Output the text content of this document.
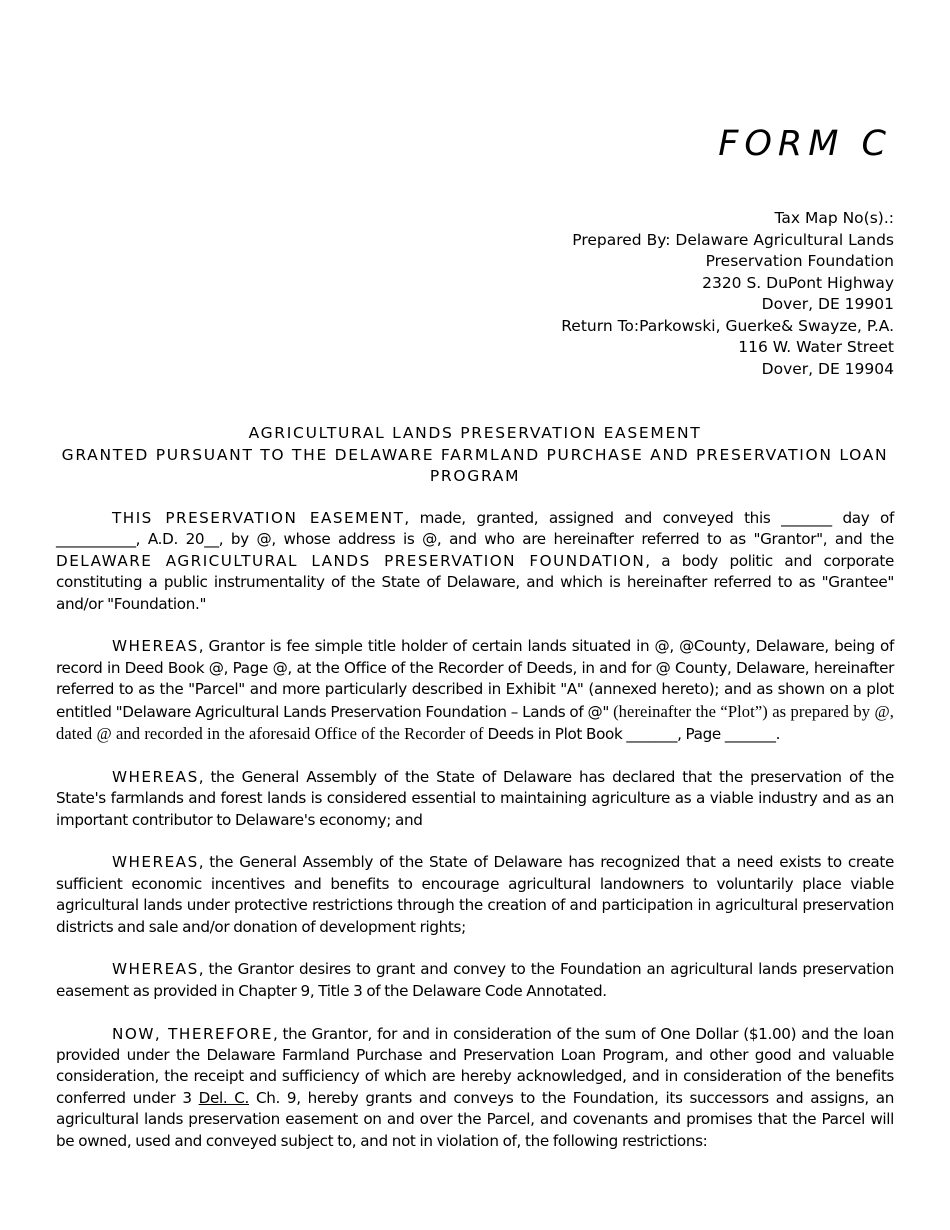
FORM C
Tax Map No(s).:
Prepared By: Delaware Agricultural Lands
Preservation Foundation
2320 S. DuPont Highway
Dover, DE 19901
Return To:Parkowski, Guerke& Swayze, P.A.
116 W. Water Street
Dover, DE 19904
AGRICULTURAL LANDS PRESERVATION EASEMENT
GRANTED PURSUANT TO THE DELAWARE FARMLAND PURCHASE AND PRESERVATION LOAN PROGRAM

THIS PRESERVATION EASEMENT, made, granted, assigned and conveyed this _______ day of ___________, A.D. 20__, by @, whose address is @, and who are hereinafter referred to as "Grantor", and the DELAWARE AGRICULTURAL LANDS PRESERVATION FOUNDATION, a body politic and corporate constituting a public instrumentality of the State of Delaware, and which is hereinafter referred to as "Grantee" and/or "Foundation."

WHEREAS, Grantor is fee simple title holder of certain lands situated in @, @County, Delaware, being of record in Deed Book @, Page @, at the Office of the Recorder of Deeds, in and for @ County, Delaware, hereinafter referred to as the "Parcel" and more particularly described in Exhibit "A" (annexed hereto); and as shown on a plot entitled "Delaware Agricultural Lands Preservation Foundation – Lands of @" (hereinafter the “Plot”) as prepared by @, dated @ and recorded in the aforesaid Office of the Recorder of Deeds in Plot Book _______, Page _______.

WHEREAS, the General Assembly of the State of Delaware has declared that the preservation of the State's farmlands and forest lands is considered essential to maintaining agriculture as a viable industry and as an important contributor to Delaware's economy; and

WHEREAS, the General Assembly of the State of Delaware has recognized that a need exists to create sufficient economic incentives and benefits to encourage agricultural landowners to voluntarily place viable agricultural lands under protective restrictions through the creation of and participation in agricultural preservation districts and sale and/or donation of development rights;

WHEREAS, the Grantor desires to grant and convey to the Foundation an agricultural lands preservation easement as provided in Chapter 9, Title 3 of the Delaware Code Annotated.

NOW, THEREFORE, the Grantor, for and in consideration of the sum of One Dollar ($1.00) and the loan provided under the Delaware Farmland Purchase and Preservation Loan Program, and other good and valuable consideration, the receipt and sufficiency of which are hereby acknowledged, and in consideration of the benefits conferred under 3 Del. C. Ch. 9, hereby grants and conveys to the Foundation, its successors and assigns, an agricultural lands preservation easement on and over the Parcel, and covenants and promises that the Parcel will be owned, used and conveyed subject to, and not in violation of, the following restrictions:
